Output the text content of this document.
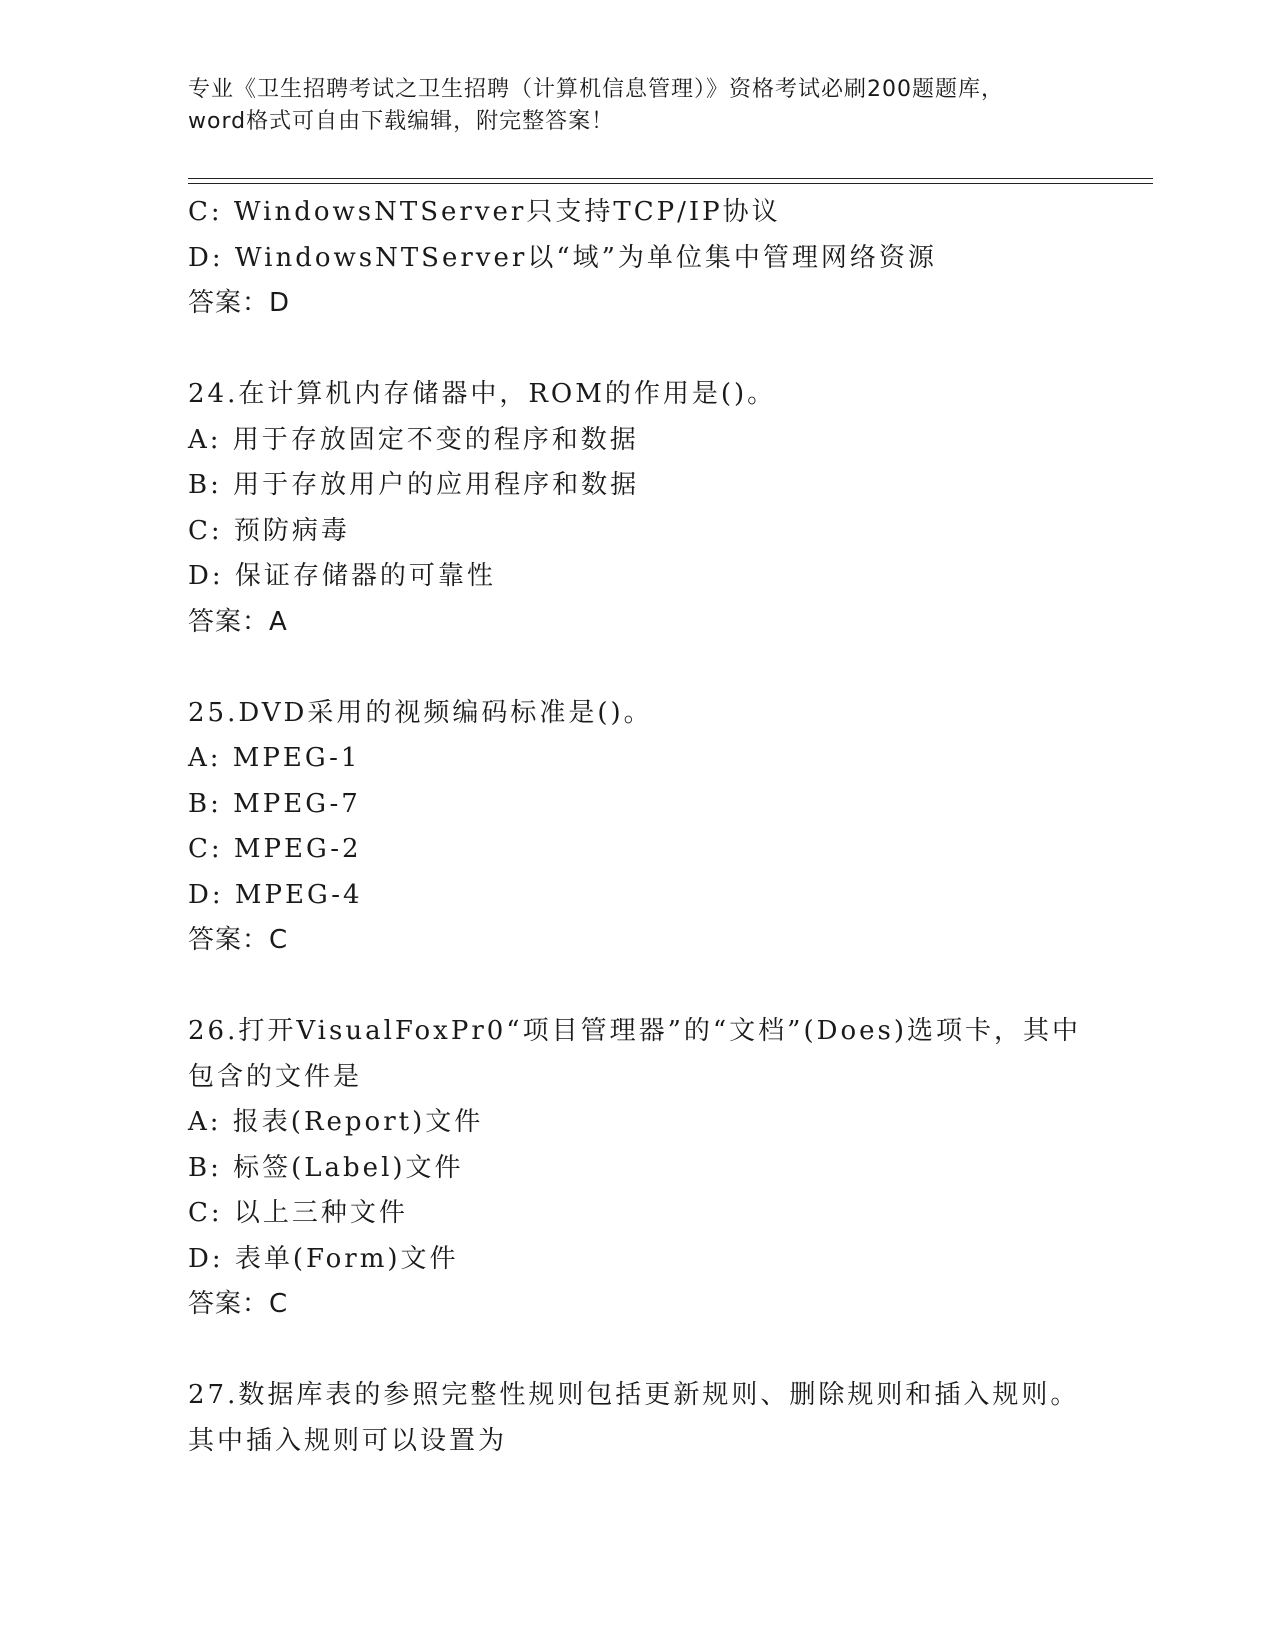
专业《卫生招聘考试之卫生招聘（计算机信息管理）》资格考试必刷200题题库，
word格式可自由下载编辑，附完整答案！
C: WindowsNTServer只支持TCP/IP协议
D: WindowsNTServer以“域”为单位集中管理网络资源
答案：D
24.在计算机内存储器中，ROM的作用是()。
A: 用于存放固定不变的程序和数据
B: 用于存放用户的应用程序和数据
C: 预防病毒
D: 保证存储器的可靠性
答案：A
25.DVD采用的视频编码标准是()。
A: MPEG-1
B: MPEG-7
C: MPEG-2
D: MPEG-4
答案：C
26.打开VisualFoxPr0“项目管理器”的“文档”(Does)选项卡，其中
包含的文件是
A: 报表(Report)文件
B: 标签(Label)文件
C: 以上三种文件
D: 表单(Form)文件
答案：C
27.数据库表的参照完整性规则包括更新规则、删除规则和插入规则。
其中插入规则可以设置为
